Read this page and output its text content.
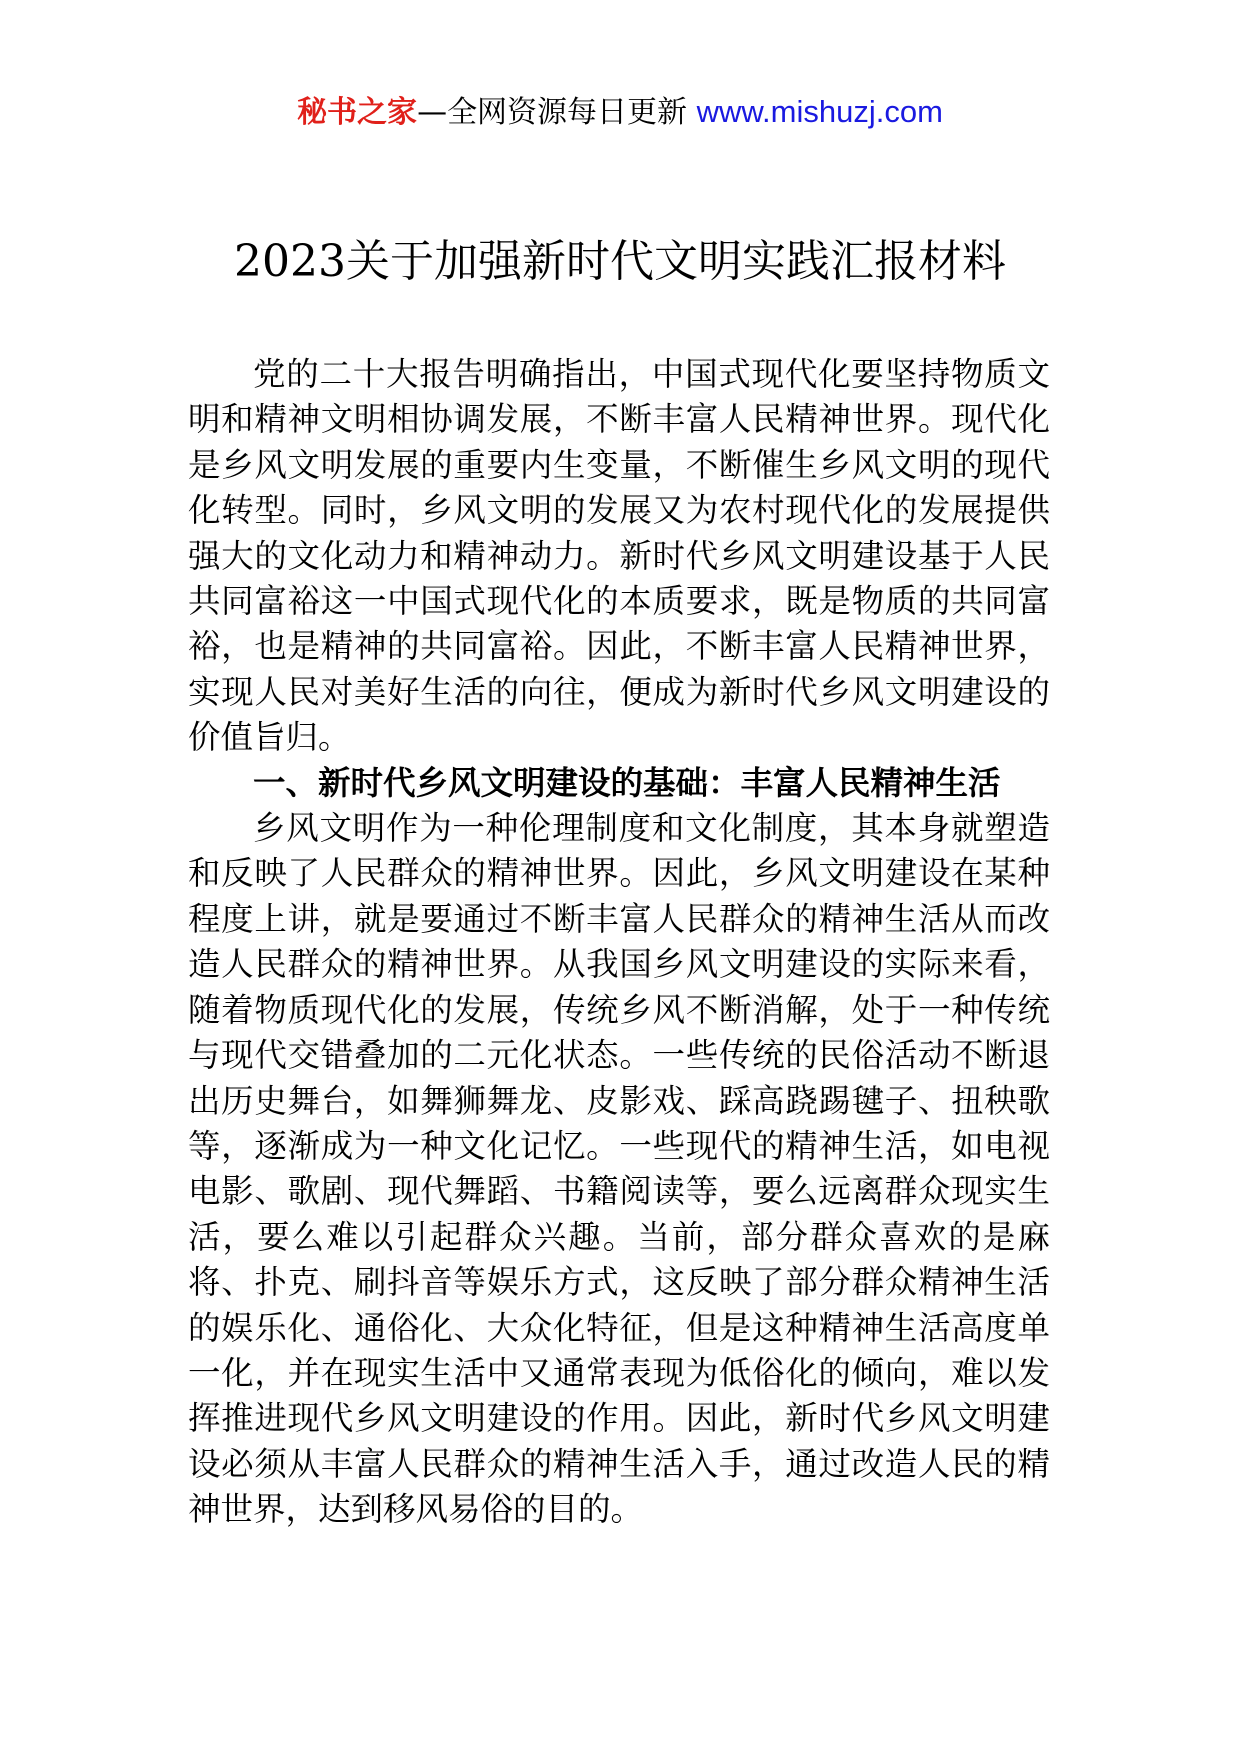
秘书之家—全网资源每日更新 www.mishuzj.com
2023关于加强新时代文明实践汇报材料

党的二十大报告明确指出，中国式现代化要坚持物质文明和精神文明相协调发展，不断丰富人民精神世界。现代化是乡风文明发展的重要内生变量，不断催生乡风文明的现代化转型。同时，乡风文明的发展又为农村现代化的发展提供强大的文化动力和精神动力。新时代乡风文明建设基于人民共同富裕这一中国式现代化的本质要求，既是物质的共同富裕，也是精神的共同富裕。因此，不断丰富人民精神世界，实现人民对美好生活的向往，便成为新时代乡风文明建设的价值旨归。

一、新时代乡风文明建设的基础：丰富人民精神生活

乡风文明作为一种伦理制度和文化制度，其本身就塑造和反映了人民群众的精神世界。因此，乡风文明建设在某种程度上讲，就是要通过不断丰富人民群众的精神生活从而改造人民群众的精神世界。从我国乡风文明建设的实际来看，随着物质现代化的发展，传统乡风不断消解，处于一种传统与现代交错叠加的二元化状态。一些传统的民俗活动不断退出历史舞台，如舞狮舞龙、皮影戏、踩高跷踢毽子、扭秧歌等，逐渐成为一种文化记忆。一些现代的精神生活，如电视电影、歌剧、现代舞蹈、书籍阅读等，要么远离群众现实生活，要么难以引起群众兴趣。当前，部分群众喜欢的是麻将、扑克、刷抖音等娱乐方式，这反映了部分群众精神生活的娱乐化、通俗化、大众化特征，但是这种精神生活高度单一化，并在现实生活中又通常表现为低俗化的倾向，难以发挥推进现代乡风文明建设的作用。因此，新时代乡风文明建设必须从丰富人民群众的精神生活入手，通过改造人民的精神世界，达到移风易俗的目的。
